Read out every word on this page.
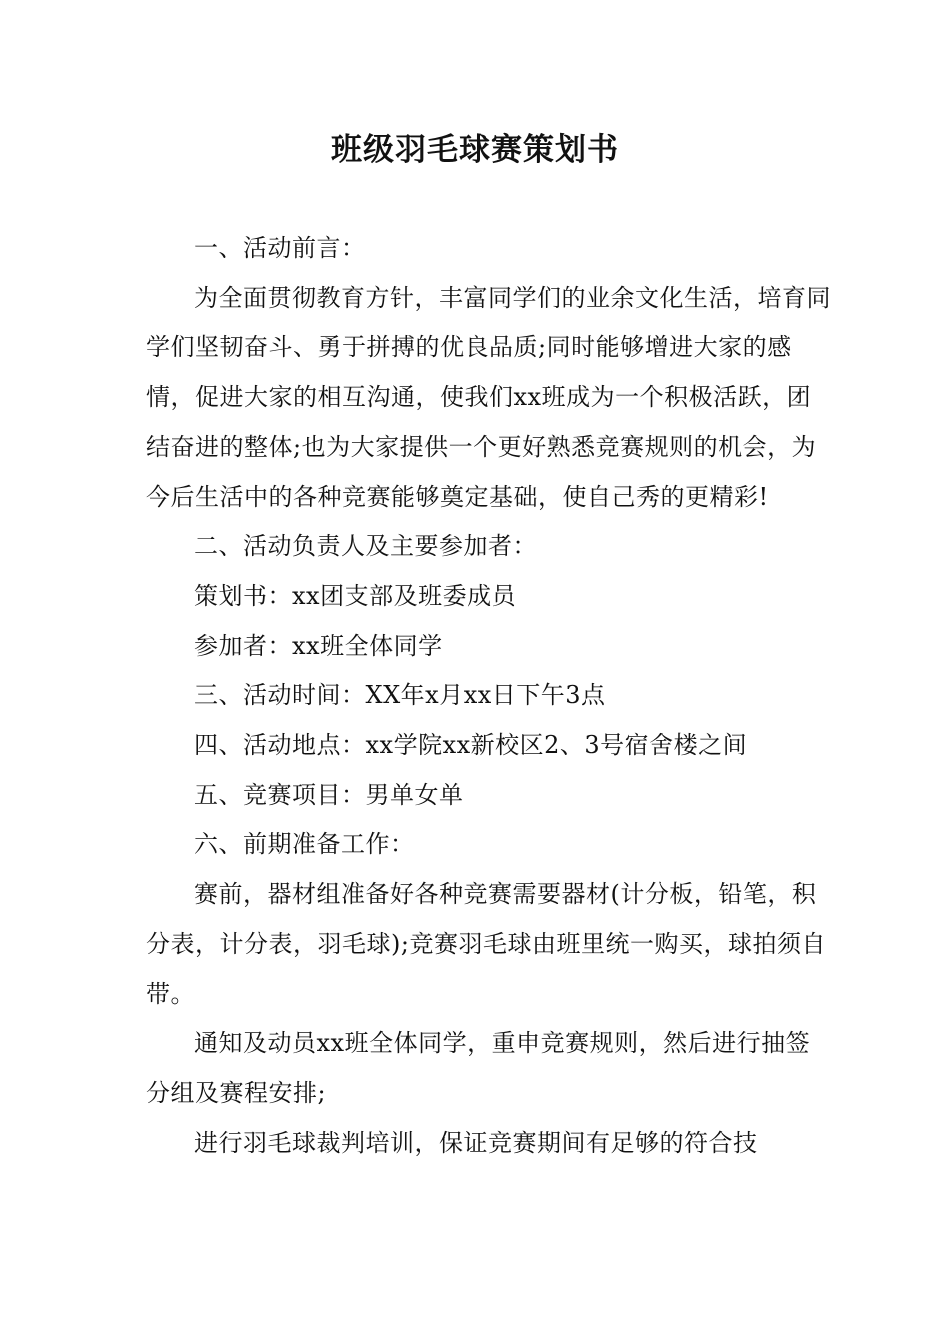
班级羽毛球赛策划书

一、活动前言：

为全面贯彻教育方针，丰富同学们的业余文化生活，培育同学们坚韧奋斗、勇于拼搏的优良品质;同时能够增进大家的感情，促进大家的相互沟通，使我们xx班成为一个积极活跃，团结奋进的整体;也为大家提供一个更好熟悉竞赛规则的机会，为今后生活中的各种竞赛能够奠定基础，使自己秀的更精彩!

二、活动负责人及主要参加者：

策划书：xx团支部及班委成员

参加者：xx班全体同学

三、活动时间：XX年x月xx日下午3点

四、活动地点：xx学院xx新校区2、3号宿舍楼之间

五、竞赛项目：男单女单

六、前期准备工作：

赛前，器材组准备好各种竞赛需要器材(计分板，铅笔，积分表，计分表，羽毛球);竞赛羽毛球由班里统一购买，球拍须自带。

通知及动员xx班全体同学，重申竞赛规则，然后进行抽签分组及赛程安排;

进行羽毛球裁判培训，保证竞赛期间有足够的符合技
